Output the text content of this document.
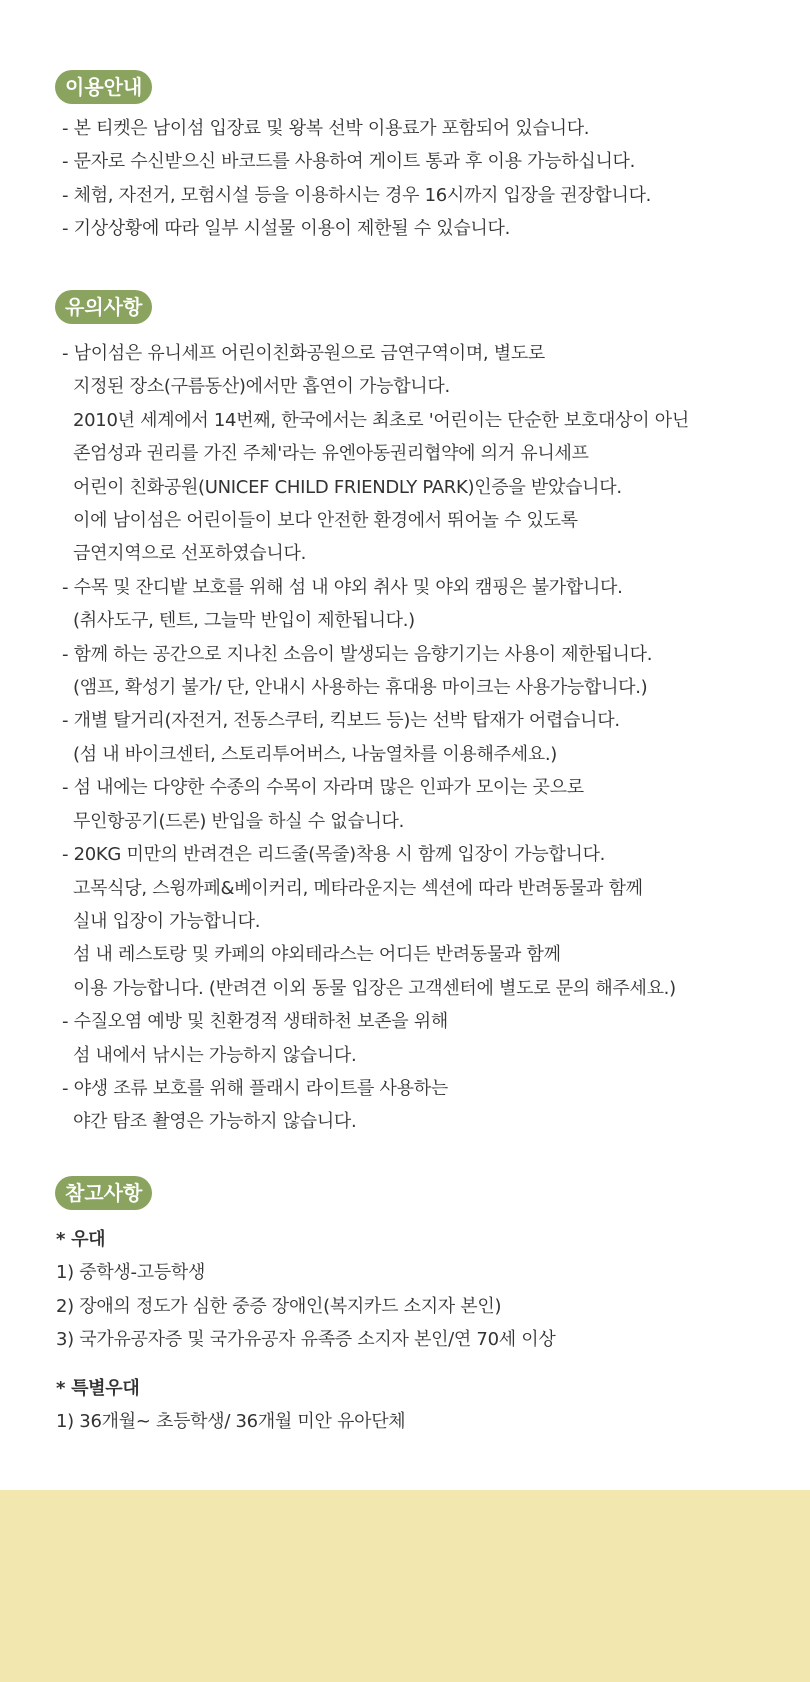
이용안내
- 본 티켓은 남이섬 입장료 및 왕복 선박 이용료가 포함되어 있습니다.
- 문자로 수신받으신 바코드를 사용하여 게이트 통과 후 이용 가능하십니다.
- 체험, 자전거, 모험시설 등을 이용하시는 경우 16시까지 입장을 권장합니다.
- 기상상황에 따라 일부 시설물 이용이 제한될 수 있습니다.
유의사항
- 남이섬은 유니세프 어린이친화공원으로 금연구역이며, 별도로
지정된 장소(구름동산)에서만 흡연이 가능합니다.
2010년 세계에서 14번째, 한국에서는 최초로 '어린이는 단순한 보호대상이 아닌
존엄성과 권리를 가진 주체'라는 유엔아동권리협약에 의거 유니세프
어린이 친화공원(UNICEF CHILD FRIENDLY PARK)인증을 받았습니다.
이에 남이섬은 어린이들이 보다 안전한 환경에서 뛰어놀 수 있도록
금연지역으로 선포하였습니다.
- 수목 및 잔디밭 보호를 위해 섬 내 야외 취사 및 야외 캠핑은 불가합니다.
(취사도구, 텐트, 그늘막 반입이 제한됩니다.)
- 함께 하는 공간으로 지나친 소음이 발생되는 음향기기는 사용이 제한됩니다.
(앰프, 확성기 불가/ 단, 안내시 사용하는 휴대용 마이크는 사용가능합니다.)
- 개별 탈거리(자전거, 전동스쿠터, 킥보드 등)는 선박 탑재가 어렵습니다.
(섬 내 바이크센터, 스토리투어버스, 나눔열차를 이용해주세요.)
- 섬 내에는 다양한 수종의 수목이 자라며 많은 인파가 모이는 곳으로
무인항공기(드론) 반입을 하실 수 없습니다.
- 20KG 미만의 반려견은 리드줄(목줄)착용 시 함께 입장이 가능합니다.
고목식당, 스윙까페&베이커리, 메타라운지는 섹션에 따라 반려동물과 함께
실내 입장이 가능합니다.
섬 내 레스토랑 및 카페의 야외테라스는 어디든 반려동물과 함께
이용 가능합니다. (반려견 이외 동물 입장은 고객센터에 별도로 문의 해주세요.)
- 수질오염 예방 및 친환경적 생태하천 보존을 위해
섬 내에서 낚시는 가능하지 않습니다.
- 야생 조류 보호를 위해 플래시 라이트를 사용하는
야간 탐조 촬영은 가능하지 않습니다.
참고사항
* 우대
1) 중학생-고등학생
2) 장애의 정도가 심한 중증 장애인(복지카드 소지자 본인)
3) 국가유공자증 및 국가유공자 유족증 소지자 본인/연 70세 이상
* 특별우대
1) 36개월~ 초등학생/ 36개월 미안 유아단체
